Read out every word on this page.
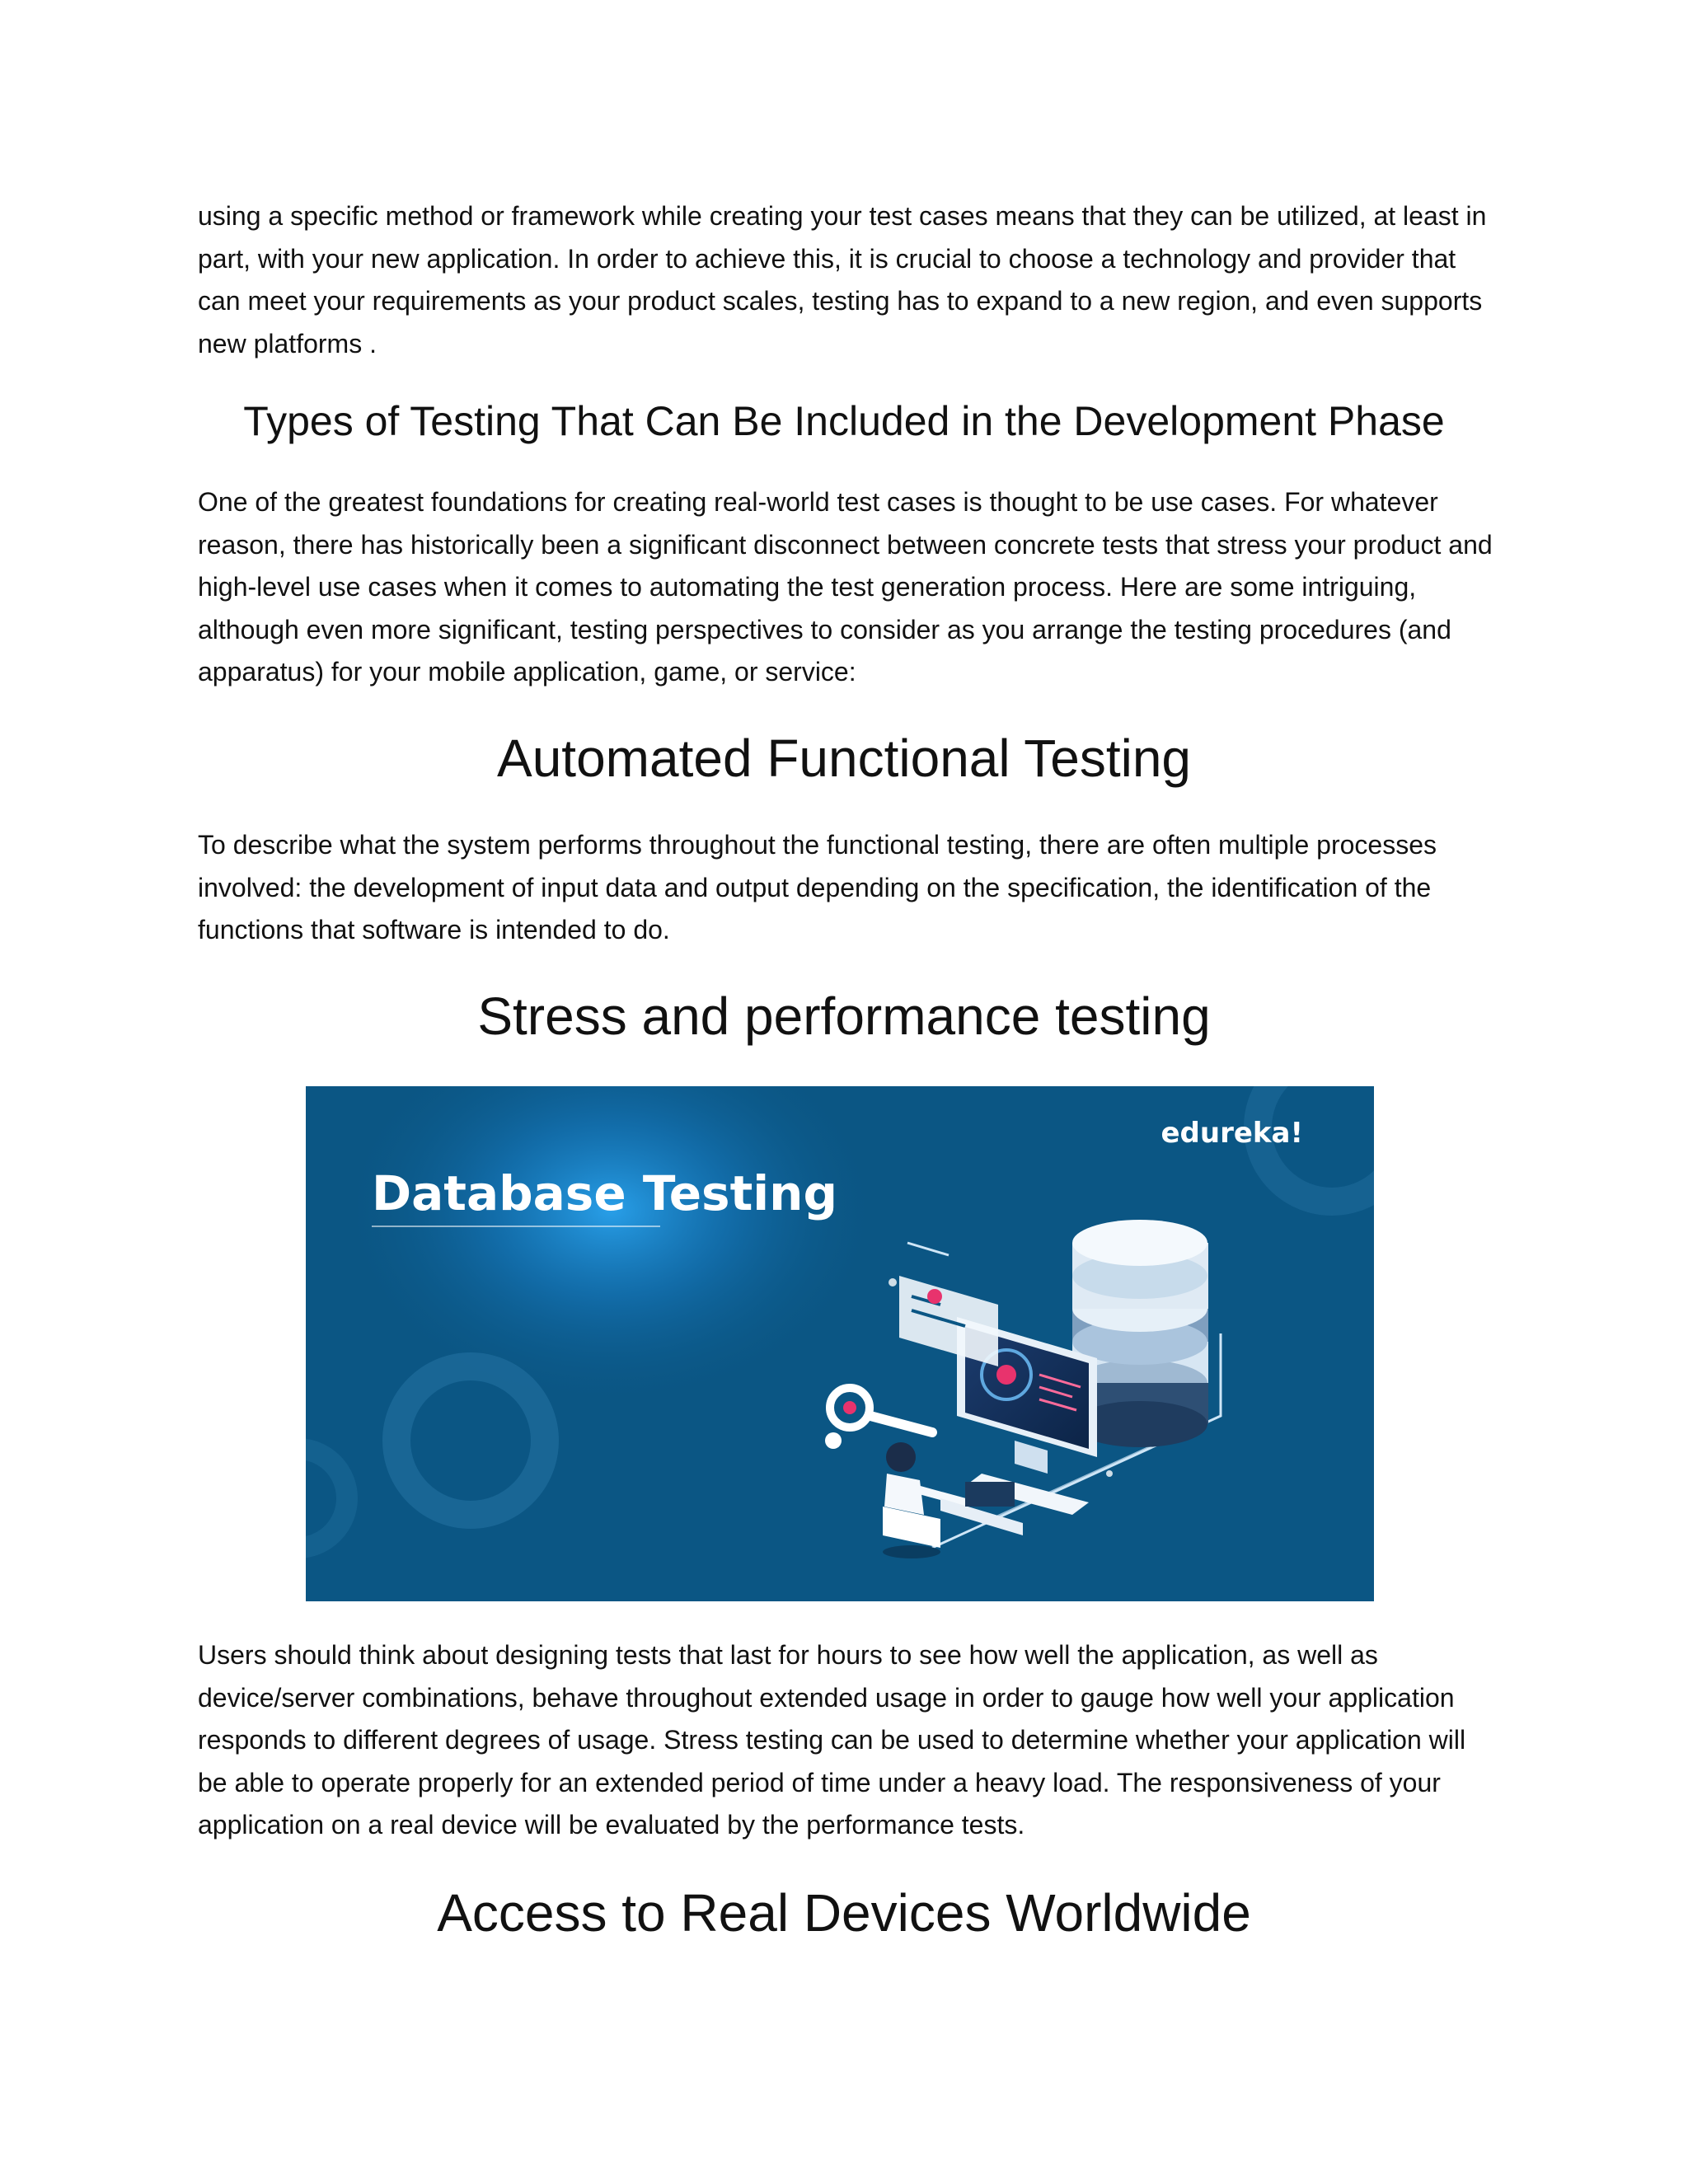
using a specific method or framework while creating your test cases means that they can be utilized, at least in part, with your new application. In order to achieve this, it is crucial to choose a technology and provider that can meet your requirements as your product scales, testing has to expand to a new region, and even supports new platforms .

Types of Testing That Can Be Included in the Development Phase

One of the greatest foundations for creating real-world test cases is thought to be use cases. For whatever reason, there has historically been a significant disconnect between concrete tests that stress your product and high-level use cases when it comes to automating the test generation process. Here are some intriguing, although even more significant, testing perspectives to consider as you arrange the testing procedures (and apparatus) for your mobile application, game, or service:

Automated Functional Testing

To describe what the system performs throughout the functional testing, there are often multiple processes involved: the development of input data and output depending on the specification, the identification of the functions that software is intended to do.

Stress and performance testing
Database Testing
edureka!

Users should think about designing tests that last for hours to see how well the application, as well as device/server combinations, behave throughout extended usage in order to gauge how well your application responds to different degrees of usage. Stress testing can be used to determine whether your application will be able to operate properly for an extended period of time under a heavy load. The responsiveness of your application on a real device will be evaluated by the performance tests.

Access to Real Devices Worldwide
